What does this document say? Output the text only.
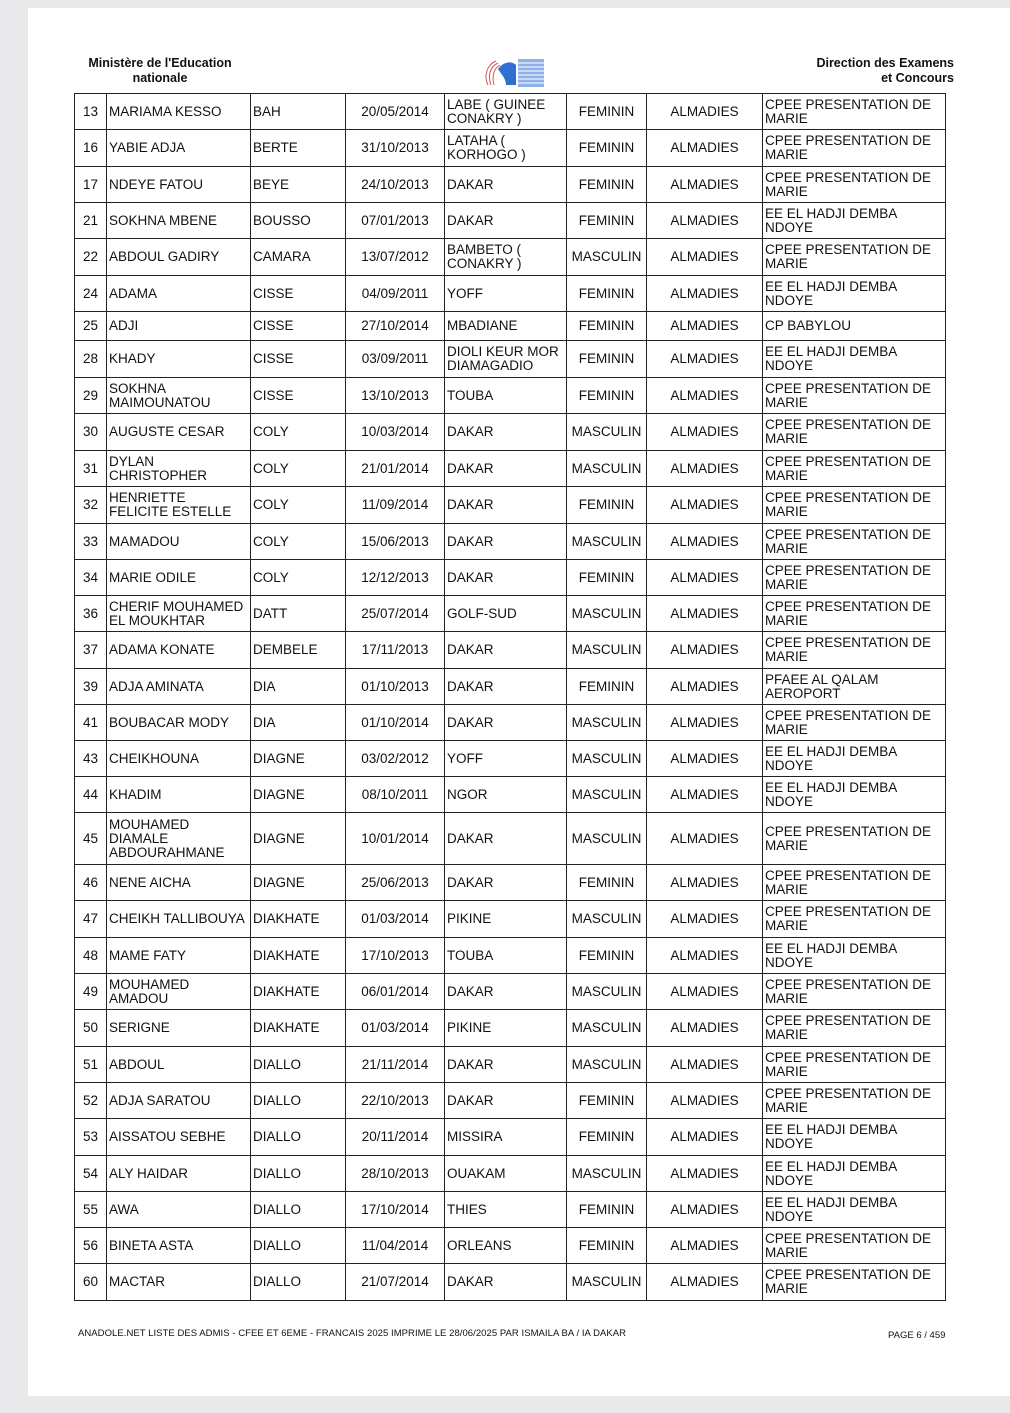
Ministère de l'Education
nationale
Direction des Examens
et Concours
13	MARIAMA KESSO	BAH	20/05/2014	LABE ( GUINEE CONAKRY )	FEMININ	ALMADIES	CPEE PRESENTATION DE MARIE
16	YABIE ADJA	BERTE	31/10/2013	LATAHA ( KORHOGO )	FEMININ	ALMADIES	CPEE PRESENTATION DE MARIE
17	NDEYE FATOU	BEYE	24/10/2013	DAKAR	FEMININ	ALMADIES	CPEE PRESENTATION DE MARIE
21	SOKHNA MBENE	BOUSSO	07/01/2013	DAKAR	FEMININ	ALMADIES	EE EL HADJI DEMBA NDOYE
22	ABDOUL GADIRY	CAMARA	13/07/2012	BAMBETO ( CONAKRY )	MASCULIN	ALMADIES	CPEE PRESENTATION DE MARIE
24	ADAMA	CISSE	04/09/2011	YOFF	FEMININ	ALMADIES	EE EL HADJI DEMBA NDOYE
25	ADJI	CISSE	27/10/2014	MBADIANE	FEMININ	ALMADIES	CP BABYLOU
28	KHADY	CISSE	03/09/2011	DIOLI KEUR MOR DIAMAGADIO	FEMININ	ALMADIES	EE EL HADJI DEMBA NDOYE
29	SOKHNA MAIMOUNATOU	CISSE	13/10/2013	TOUBA	FEMININ	ALMADIES	CPEE PRESENTATION DE MARIE
30	AUGUSTE CESAR	COLY	10/03/2014	DAKAR	MASCULIN	ALMADIES	CPEE PRESENTATION DE MARIE
31	DYLAN CHRISTOPHER	COLY	21/01/2014	DAKAR	MASCULIN	ALMADIES	CPEE PRESENTATION DE MARIE
32	HENRIETTE FELICITE ESTELLE	COLY	11/09/2014	DAKAR	FEMININ	ALMADIES	CPEE PRESENTATION DE MARIE
33	MAMADOU	COLY	15/06/2013	DAKAR	MASCULIN	ALMADIES	CPEE PRESENTATION DE MARIE
34	MARIE ODILE	COLY	12/12/2013	DAKAR	FEMININ	ALMADIES	CPEE PRESENTATION DE MARIE
36	CHERIF MOUHAMED EL MOUKHTAR	DATT	25/07/2014	GOLF-SUD	MASCULIN	ALMADIES	CPEE PRESENTATION DE MARIE
37	ADAMA KONATE	DEMBELE	17/11/2013	DAKAR	MASCULIN	ALMADIES	CPEE PRESENTATION DE MARIE
39	ADJA AMINATA	DIA	01/10/2013	DAKAR	FEMININ	ALMADIES	PFAEE AL QALAM AEROPORT
41	BOUBACAR MODY	DIA	01/10/2014	DAKAR	MASCULIN	ALMADIES	CPEE PRESENTATION DE MARIE
43	CHEIKHOUNA	DIAGNE	03/02/2012	YOFF	MASCULIN	ALMADIES	EE EL HADJI DEMBA NDOYE
44	KHADIM	DIAGNE	08/10/2011	NGOR	MASCULIN	ALMADIES	EE EL HADJI DEMBA NDOYE
45	MOUHAMED DIAMALE ABDOURAHMANE	DIAGNE	10/01/2014	DAKAR	MASCULIN	ALMADIES	CPEE PRESENTATION DE MARIE
46	NENE AICHA	DIAGNE	25/06/2013	DAKAR	FEMININ	ALMADIES	CPEE PRESENTATION DE MARIE
47	CHEIKH TALLIBOUYA	DIAKHATE	01/03/2014	PIKINE	MASCULIN	ALMADIES	CPEE PRESENTATION DE MARIE
48	MAME FATY	DIAKHATE	17/10/2013	TOUBA	FEMININ	ALMADIES	EE EL HADJI DEMBA NDOYE
49	MOUHAMED AMADOU	DIAKHATE	06/01/2014	DAKAR	MASCULIN	ALMADIES	CPEE PRESENTATION DE MARIE
50	SERIGNE	DIAKHATE	01/03/2014	PIKINE	MASCULIN	ALMADIES	CPEE PRESENTATION DE MARIE
51	ABDOUL	DIALLO	21/11/2014	DAKAR	MASCULIN	ALMADIES	CPEE PRESENTATION DE MARIE
52	ADJA SARATOU	DIALLO	22/10/2013	DAKAR	FEMININ	ALMADIES	CPEE PRESENTATION DE MARIE
53	AISSATOU SEBHE	DIALLO	20/11/2014	MISSIRA	FEMININ	ALMADIES	EE EL HADJI DEMBA NDOYE
54	ALY HAIDAR	DIALLO	28/10/2013	OUAKAM	MASCULIN	ALMADIES	EE EL HADJI DEMBA NDOYE
55	AWA	DIALLO	17/10/2014	THIES	FEMININ	ALMADIES	EE EL HADJI DEMBA NDOYE
56	BINETA ASTA	DIALLO	11/04/2014	ORLEANS	FEMININ	ALMADIES	CPEE PRESENTATION DE MARIE
60	MACTAR	DIALLO	21/07/2014	DAKAR	MASCULIN	ALMADIES	CPEE PRESENTATION DE MARIE
ANADOLE.NET LISTE DES ADMIS - CFEE ET 6EME - FRANCAIS 2025 IMPRIME LE 28/06/2025 PAR ISMAILA BA / IA DAKAR	PAGE 6 / 459
